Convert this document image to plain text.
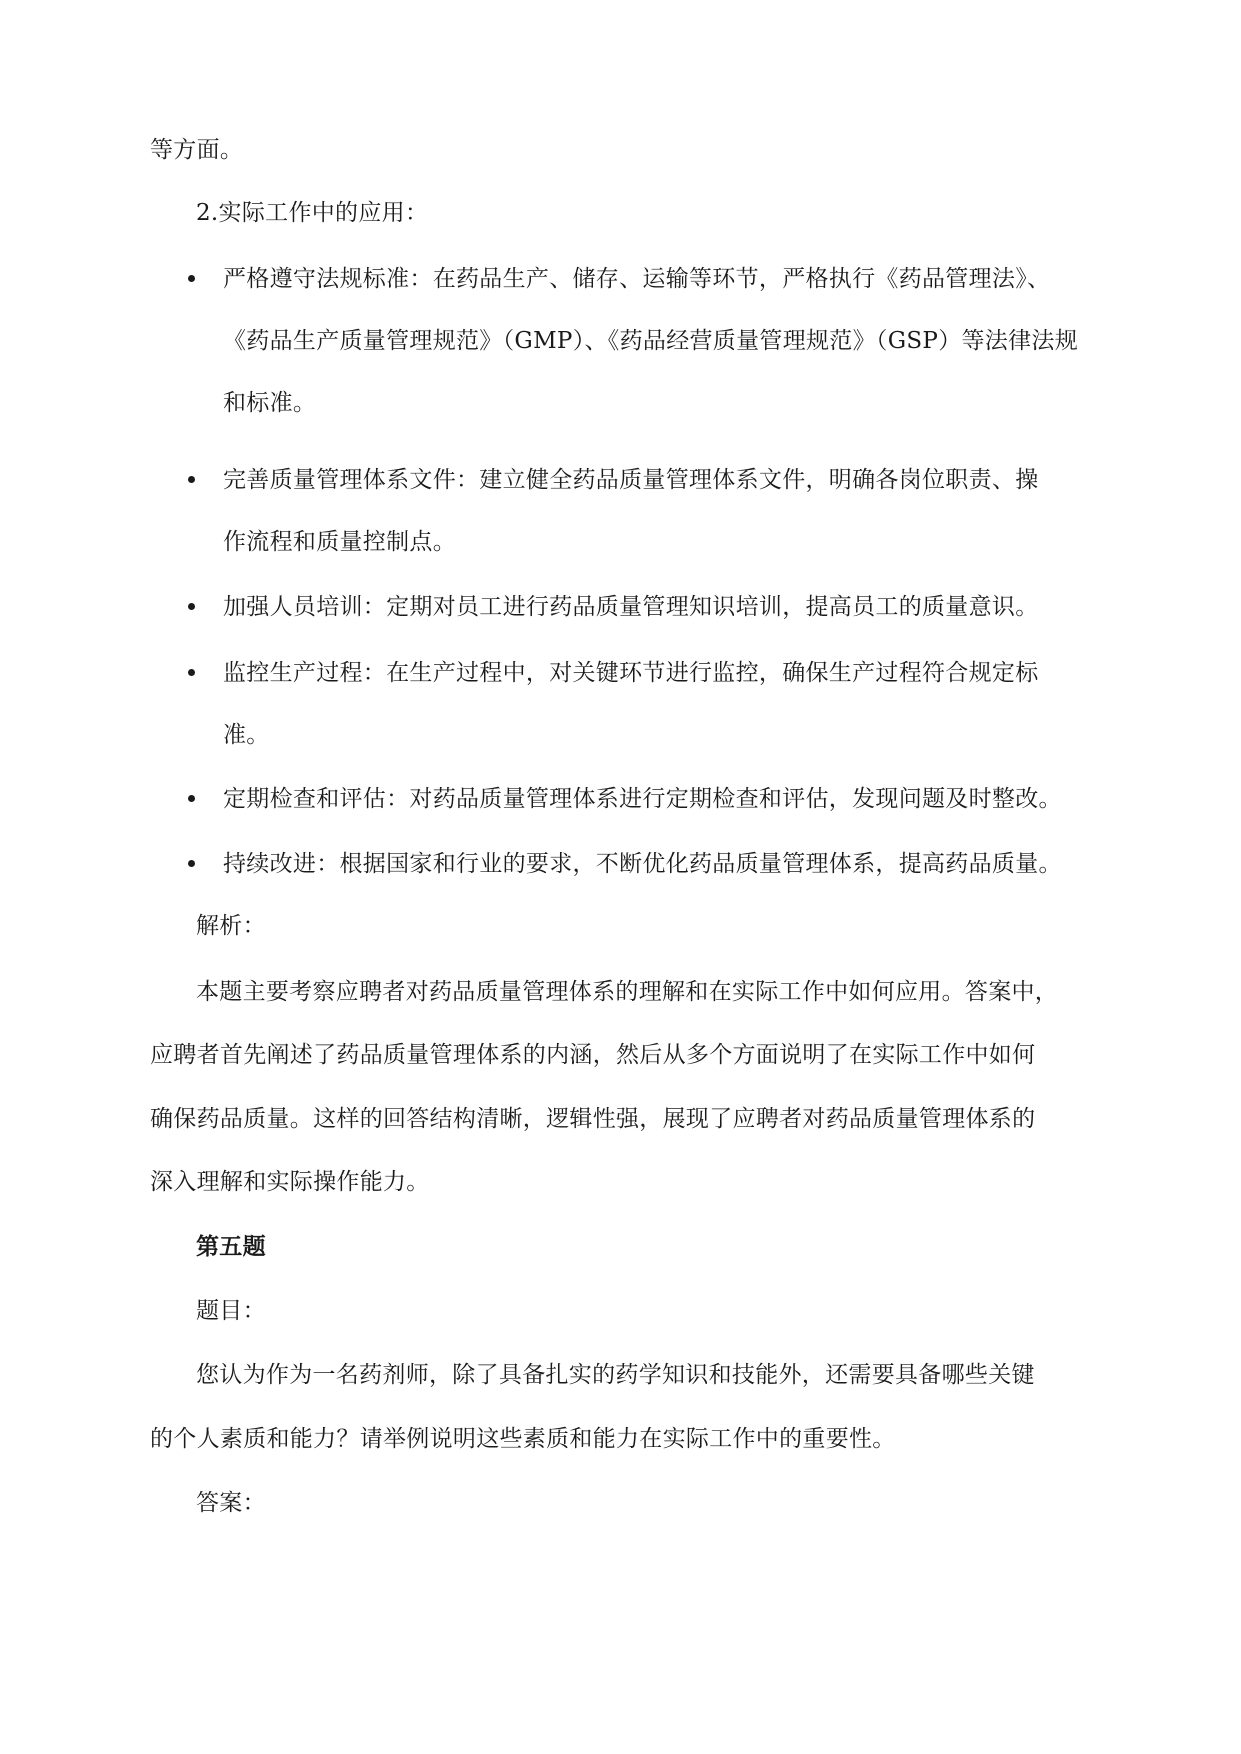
等方面。
2.实际工作中的应用：
严格遵守法规标准：在药品生产、储存、运输等环节，严格执行《药品管理法》、
《药品生产质量管理规范》（GMP）、《药品经营质量管理规范》（GSP）等法律法规
和标准。
完善质量管理体系文件：建立健全药品质量管理体系文件，明确各岗位职责、操
作流程和质量控制点。
加强人员培训：定期对员工进行药品质量管理知识培训，提高员工的质量意识。
监控生产过程：在生产过程中，对关键环节进行监控，确保生产过程符合规定标
准。
定期检查和评估：对药品质量管理体系进行定期检查和评估，发现问题及时整改。
持续改进：根据国家和行业的要求，不断优化药品质量管理体系，提高药品质量。
解析：
本题主要考察应聘者对药品质量管理体系的理解和在实际工作中如何应用。答案中，
应聘者首先阐述了药品质量管理体系的内涵，然后从多个方面说明了在实际工作中如何
确保药品质量。这样的回答结构清晰，逻辑性强，展现了应聘者对药品质量管理体系的
深入理解和实际操作能力。
第五题
题目：
您认为作为一名药剂师，除了具备扎实的药学知识和技能外，还需要具备哪些关键
的个人素质和能力？请举例说明这些素质和能力在实际工作中的重要性。
答案：
